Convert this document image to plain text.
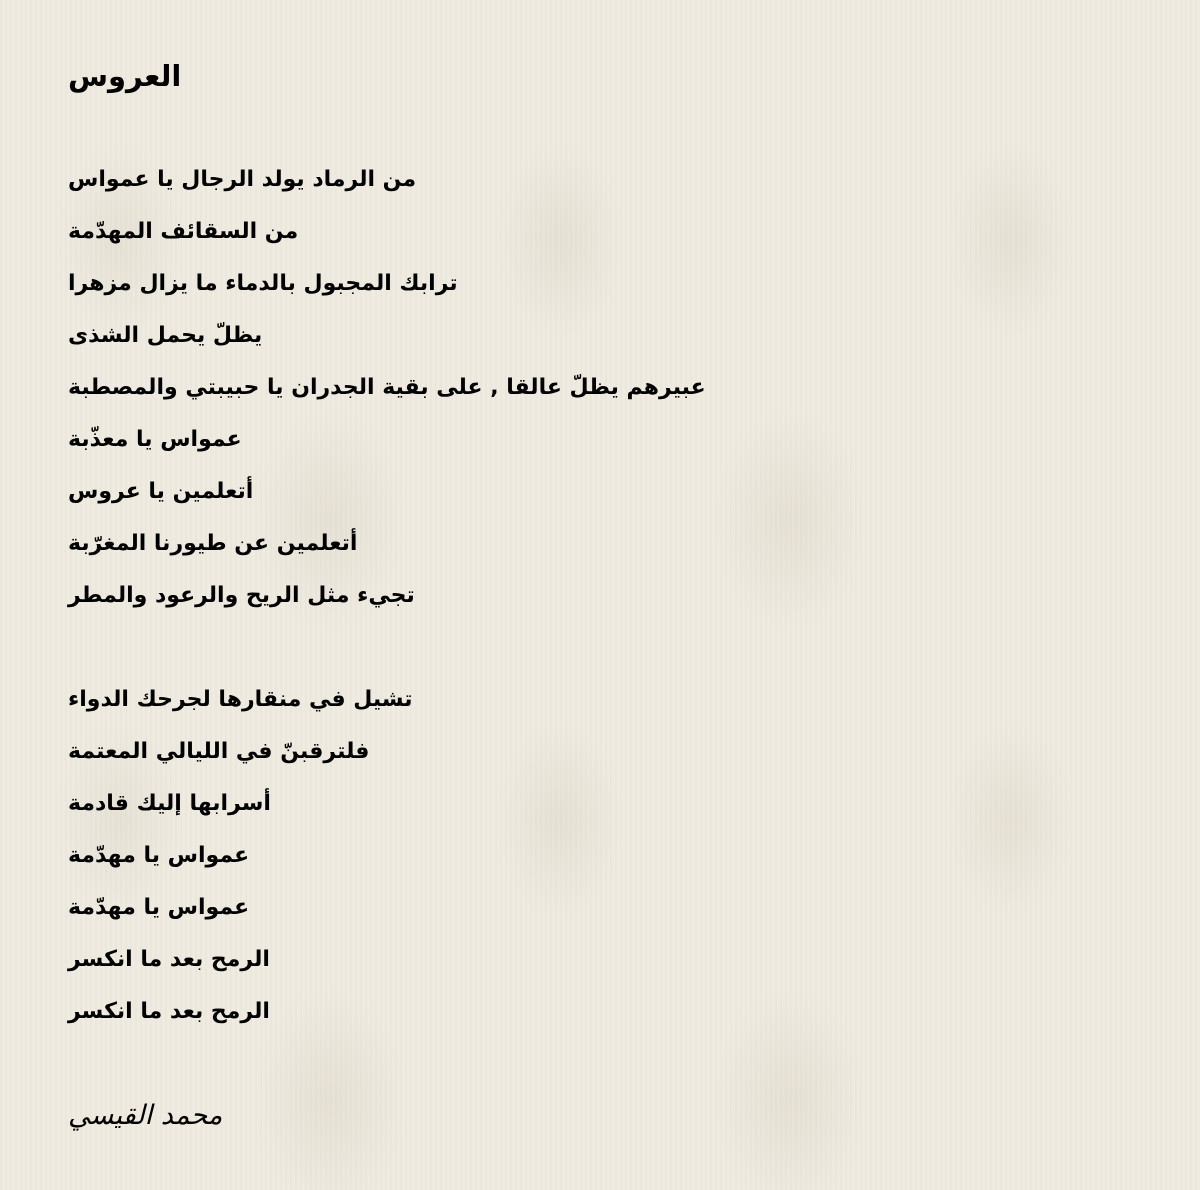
العروس
من الرماد يولد الرجال يا عمواس
من السقائف المهدّمة
ترابك المجبول بالدماء ما يزال مزهرا
يظلّ يحمل الشذى
عبيرهم يظلّ عالقا , على بقية الجدران يا حبيبتي والمصطبة
عمواس يا معذّبة
أتعلمين يا عروس
أتعلمين عن طيورنا المغرّبة
تجيء مثل الريح والرعود والمطر
تشيل في منقارها لجرحك الدواء
فلترقبنّ في الليالي المعتمة
أسرابها إليك قادمة
عمواس يا مهدّمة
عمواس يا مهدّمة
الرمح بعد ما انكسر
الرمح بعد ما انكسر
محمد القيسي
